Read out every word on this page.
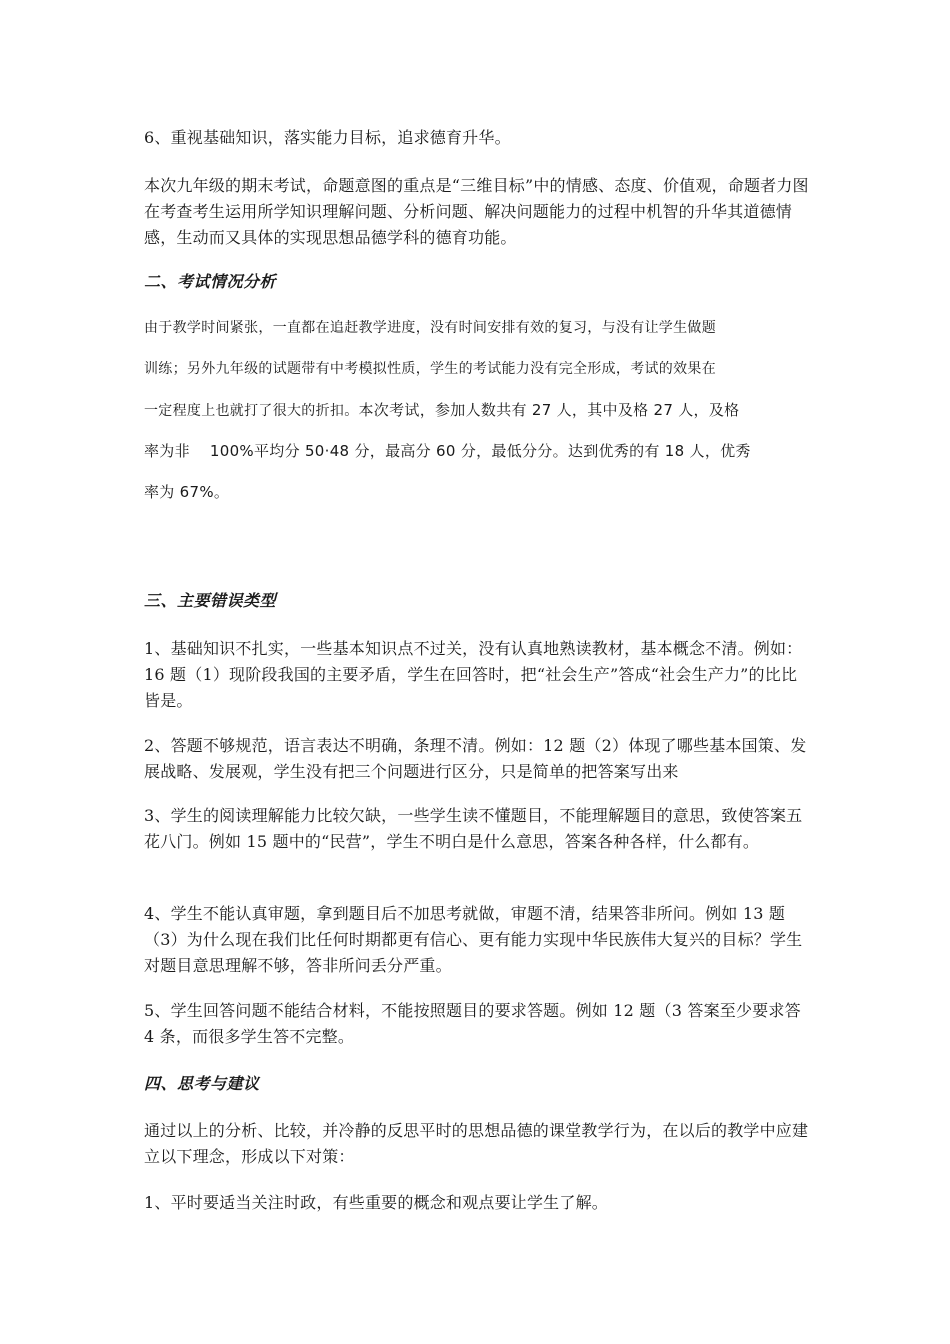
6、重视基础知识，落实能力目标，追求德育升华。

本次九年级的期末考试，命题意图的重点是“三维目标”中的情感、态度、价值观，命题者力图在考查考生运用所学知识理解问题、分析问题、解决问题能力的过程中机智的升华其道德情感，生动而又具体的实现思想品德学科的德育功能。

二、考试情况分析
由于教学时间紧张，一直都在追赶教学进度，没有时间安排有效的复习，与没有让学生做题
训练；另外九年级的试题带有中考模拟性质，学生的考试能力没有完全形成，考试的效果在
一定程度上也就打了很大的折扣。本次考试，参加人数共有 27 人，其中及格 27 人，及格
率为非 100%平均分 50·48 分，最高分 60 分，最低分分。达到优秀的有 18 人，优秀
率为 67%。
三、主要错误类型

1、基础知识不扎实，一些基本知识点不过关，没有认真地熟读教材，基本概念不清。例如：16 题（1）现阶段我国的主要矛盾，学生在回答时，把“社会生产”答成“社会生产力”的比比皆是。

2、答题不够规范，语言表达不明确，条理不清。例如：12 题（2）体现了哪些基本国策、发展战略、发展观，学生没有把三个问题进行区分，只是简单的把答案写出来

3、学生的阅读理解能力比较欠缺，一些学生读不懂题目，不能理解题目的意思，致使答案五花八门。例如 15 题中的“民营”，学生不明白是什么意思，答案各种各样，什么都有。

4、学生不能认真审题，拿到题目后不加思考就做，审题不清，结果答非所问。例如 13 题（3）为什么现在我们比任何时期都更有信心、更有能力实现中华民族伟大复兴的目标？学生对题目意思理解不够，答非所问丢分严重。

5、学生回答问题不能结合材料，不能按照题目的要求答题。例如 12 题（3 答案至少要求答 4 条，而很多学生答不完整。

四、思考与建议

通过以上的分析、比较，并冷静的反思平时的思想品德的课堂教学行为，在以后的教学中应建立以下理念，形成以下对策：

1、平时要适当关注时政，有些重要的概念和观点要让学生了解。
